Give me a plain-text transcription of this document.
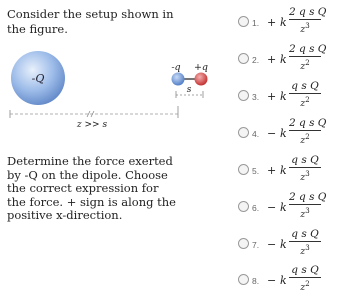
Consider the setup shown in the figure.
-Q
-q +q
s
z >> s
Determine the force exerted by -Q on the dipole. Choose the correct expression for the force. + sign is along the positive x-direction.
1. + k
2 q s Q
$z^3$
2. + k
2 q s Q
$z^2$
3. + k
q s Q
$z^2$
4. − k
2 q s Q
$z^2$
5. + k
q s Q
$z^3$
6. − k
2 q s Q
$z^3$
7. − k
q s Q
$z^3$
8. − k
q s Q
$z^2$
